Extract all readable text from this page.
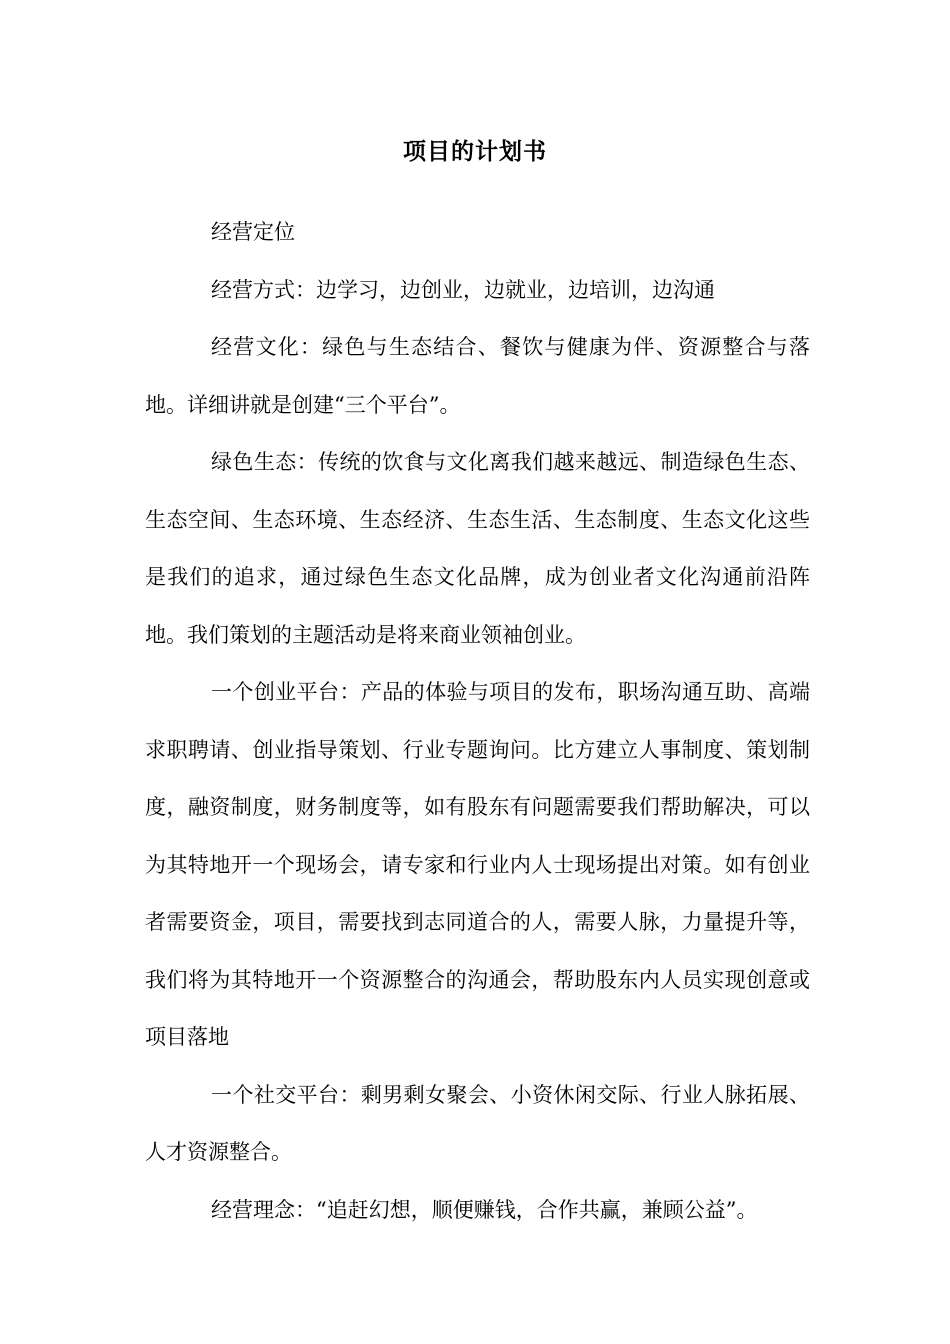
项目的计划书

经营定位

经营方式：边学习，边创业，边就业，边培训，边沟通

经营文化：绿色与生态结合、餐饮与健康为伴、资源整合与落地。详细讲就是创建“三个平台”。

绿色生态：传统的饮食与文化离我们越来越远、制造绿色生态、生态空间、生态环境、生态经济、生态生活、生态制度、生态文化这些是我们的追求，通过绿色生态文化品牌，成为创业者文化沟通前沿阵地。我们策划的主题活动是将来商业领袖创业。

一个创业平台：产品的体验与项目的发布，职场沟通互助、高端求职聘请、创业指导策划、行业专题询问。比方建立人事制度、策划制度，融资制度，财务制度等，如有股东有问题需要我们帮助解决，可以为其特地开一个现场会，请专家和行业内人士现场提出对策。如有创业者需要资金，项目，需要找到志同道合的人，需要人脉，力量提升等，我们将为其特地开一个资源整合的沟通会，帮助股东内人员实现创意或项目落地

一个社交平台：剩男剩女聚会、小资休闲交际、行业人脉拓展、人才资源整合。

经营理念：“追赶幻想，顺便赚钱，合作共赢，兼顾公益”。
